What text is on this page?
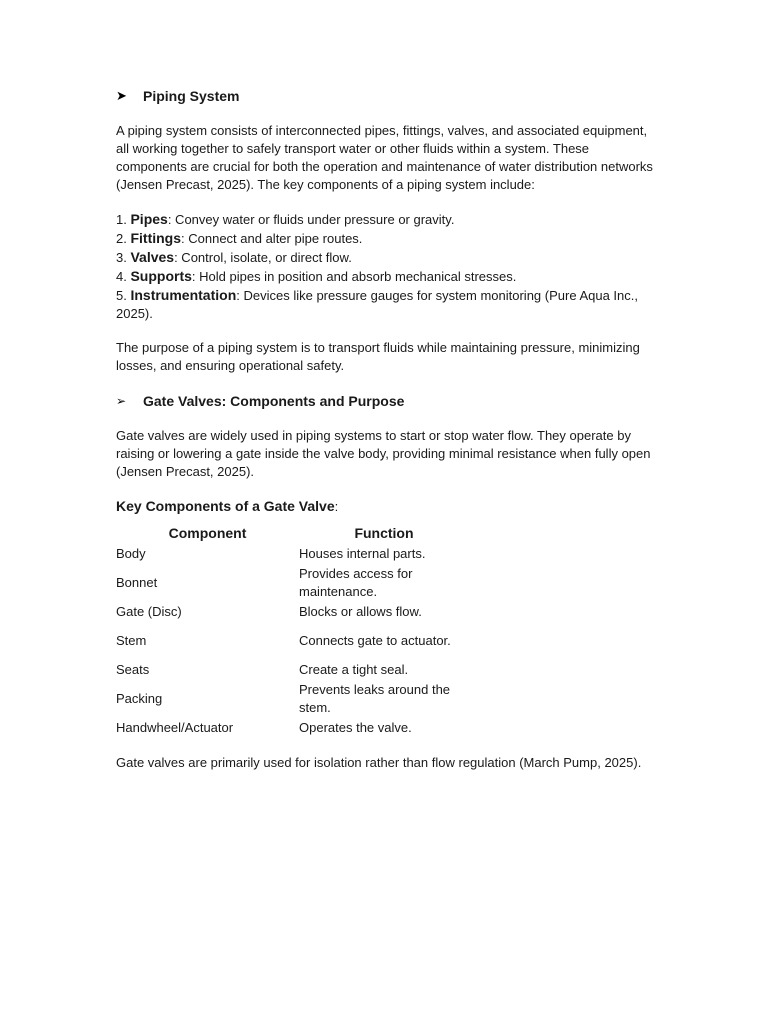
➤	Piping System

A piping system consists of interconnected pipes, fittings, valves, and associated equipment, all working together to safely transport water or other fluids within a system. These components are crucial for both the operation and maintenance of water distribution networks (Jensen Precast, 2025). The key components of a piping system include:

1. Pipes: Convey water or fluids under pressure or gravity.
2. Fittings: Connect and alter pipe routes.
3. Valves: Control, isolate, or direct flow.
4. Supports: Hold pipes in position and absorb mechanical stresses.
5. Instrumentation: Devices like pressure gauges for system monitoring (Pure Aqua Inc., 2025).

The purpose of a piping system is to transport fluids while maintaining pressure, minimizing losses, and ensuring operational safety.

➢	Gate Valves: Components and Purpose

Gate valves are widely used in piping systems to start or stop water flow. They operate by raising or lowering a gate inside the valve body, providing minimal resistance when fully open (Jensen Precast, 2025).

Key Components of a Gate Valve:
Component	Function
Body	Houses internal parts.
Bonnet	Provides access for maintenance.
Gate (Disc)	Blocks or allows flow.
Stem	Connects gate to actuator.
Seats	Create a tight seal.
Packing	Prevents leaks around the stem.
Handwheel/Actuator	Operates the valve.

Gate valves are primarily used for isolation rather than flow regulation (March Pump, 2025).
